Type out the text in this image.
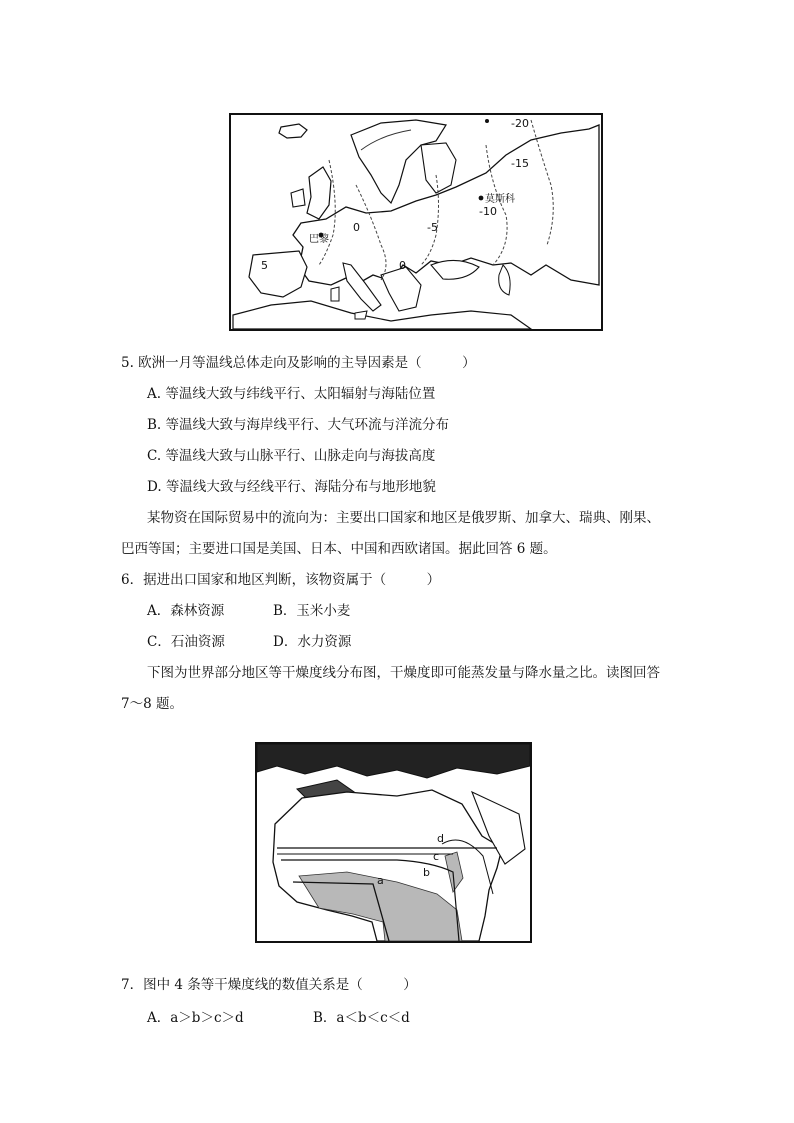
-20
-15
莫斯科
-10
-5
0
巴黎
0
5
5. 欧洲一月等温线总体走向及影响的主导因素是（　　　）
A. 等温线大致与纬线平行、太阳辐射与海陆位置
B. 等温线大致与海岸线平行、大气环流与洋流分布
C. 等温线大致与山脉平行、山脉走向与海拔高度
D. 等温线大致与经线平行、海陆分布与地形地貌
某物资在国际贸易中的流向为：主要出口国家和地区是俄罗斯、加拿大、瑞典、刚果、
巴西等国；主要进口国是美国、日本、中国和西欧诸国。据此回答 6 题。
6．据进出口国家和地区判断，该物资属于（　　　）
A．森林资源	B．玉米小麦
C．石油资源	D．水力资源
下图为世界部分地区等干燥度线分布图，干燥度即可能蒸发量与降水量之比。读图回答
7～8 题。
d
c
b
a
7．图中 4 条等干燥度线的数值关系是（　　　）
A．a＞b＞c＞d	B．a＜b＜c＜d
